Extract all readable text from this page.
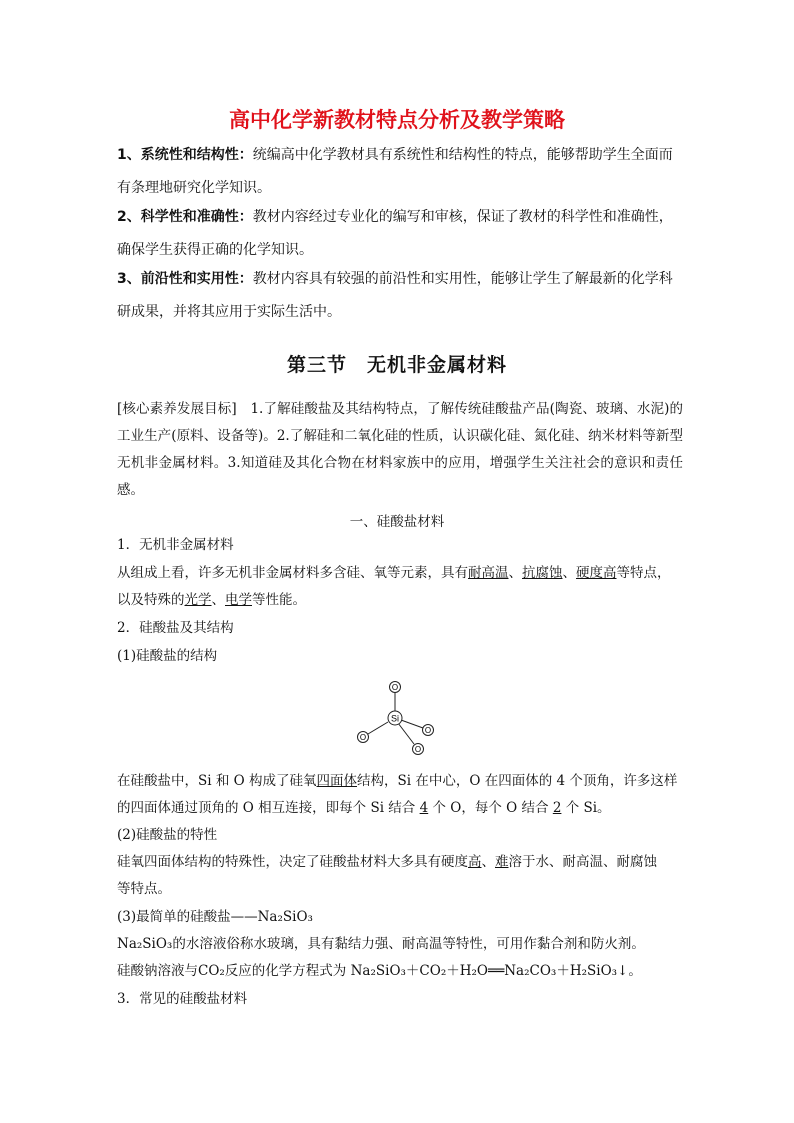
高中化学新教材特点分析及教学策略
1、系统性和结构性：统编高中化学教材具有系统性和结构性的特点，能够帮助学生全面而有条理地研究化学知识。
2、科学性和准确性：教材内容经过专业化的编写和审核，保证了教材的科学性和准确性，确保学生获得正确的化学知识。
3、前沿性和实用性：教材内容具有较强的前沿性和实用性，能够让学生了解最新的化学科研成果，并将其应用于实际生活中。
第三节 无机非金属材料
[核心素养发展目标]　1.了解硅酸盐及其结构特点，了解传统硅酸盐产品(陶瓷、玻璃、水泥)的工业生产(原料、设备等)。2.了解硅和二氧化硅的性质，认识碳化硅、氮化硅、纳米材料等新型无机非金属材料。3.知道硅及其化合物在材料家族中的应用，增强学生关注社会的意识和责任感。
一、硅酸盐材料
1．无机非金属材料
从组成上看，许多无机非金属材料多含硅、氧等元素，具有耐高温、抗腐蚀、硬度高等特点，
以及特殊的光学、电学等性能。
2．硅酸盐及其结构
(1)硅酸盐的结构
Si
O
O
O
O
在硅酸盐中，Si 和 O 构成了硅氧四面体结构，Si 在中心，O 在四面体的 4 个顶角，许多这样
的四面体通过顶角的 O 相互连接，即每个 Si 结合 4 个 O，每个 O 结合 2 个 Si。
(2)硅酸盐的特性
硅氧四面体结构的特殊性，决定了硅酸盐材料大多具有硬度高、难溶于水、耐高温、耐腐蚀
等特点。
(3)最简单的硅酸盐——Na₂SiO₃
Na₂SiO₃的水溶液俗称水玻璃，具有黏结力强、耐高温等特性，可用作黏合剂和防火剂。
硅酸钠溶液与CO₂反应的化学方程式为 Na₂SiO₃＋CO₂＋H₂O══Na₂CO₃＋H₂SiO₃↓。
3．常见的硅酸盐材料
